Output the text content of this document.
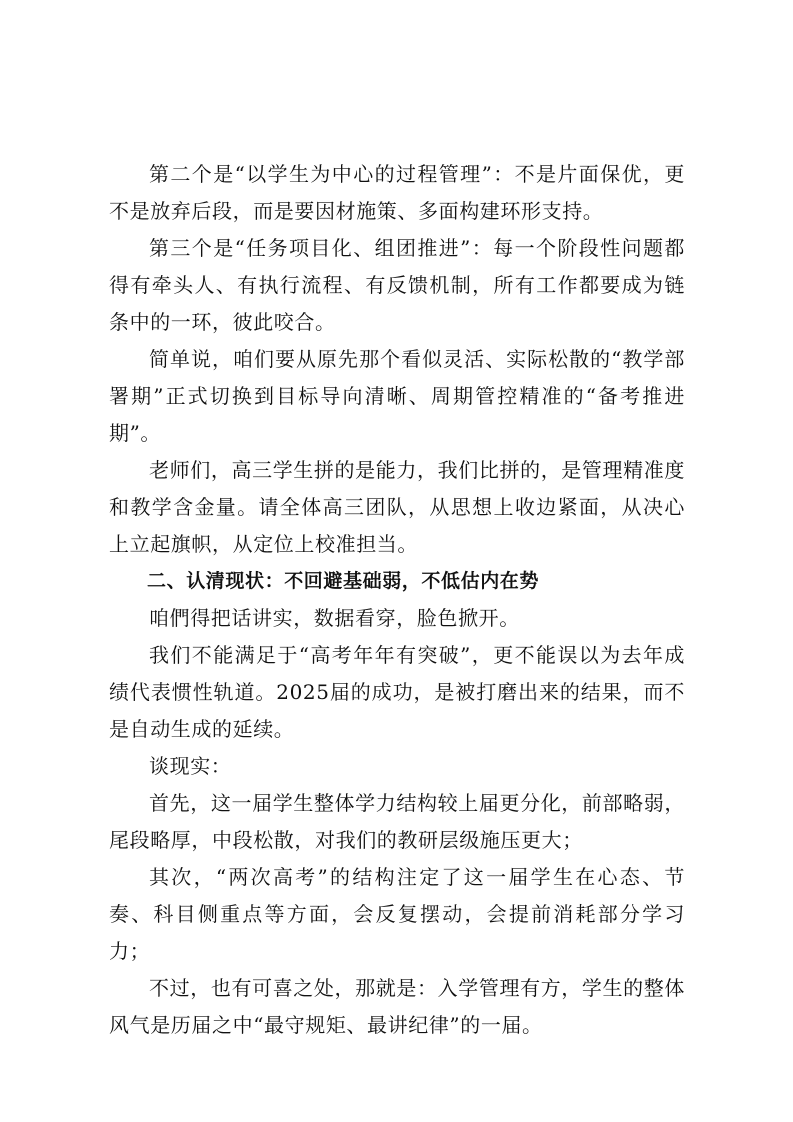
第二个是“以学生为中心的过程管理”：不是片面保优，更不是放弃后段，而是要因材施策、多面构建环形支持。

第三个是“任务项目化、组团推进”：每一个阶段性问题都得有牵头人、有执行流程、有反馈机制，所有工作都要成为链条中的一环，彼此咬合。

简单说，咱们要从原先那个看似灵活、实际松散的“教学部署期”正式切换到目标导向清晰、周期管控精准的“备考推进期”。

老师们，高三学生拼的是能力，我们比拼的，是管理精准度和教学含金量。请全体高三团队，从思想上收边紧面，从决心上立起旗帜，从定位上校准担当。

二、认清现状：不回避基础弱，不低估内在势

咱們得把话讲实，数据看穿，脸色掀开。

我们不能满足于“高考年年有突破”，更不能误以为去年成绩代表惯性轨道。2025届的成功，是被打磨出来的结果，而不是自动生成的延续。

谈现实：

首先，这一届学生整体学力结构较上届更分化，前部略弱，尾段略厚，中段松散，对我们的教研层级施压更大；

其次，“两次高考”的结构注定了这一届学生在心态、节奏、科目侧重点等方面，会反复摆动，会提前消耗部分学习力；

不过，也有可喜之处，那就是：入学管理有方，学生的整体风气是历届之中“最守规矩、最讲纪律”的一届。
